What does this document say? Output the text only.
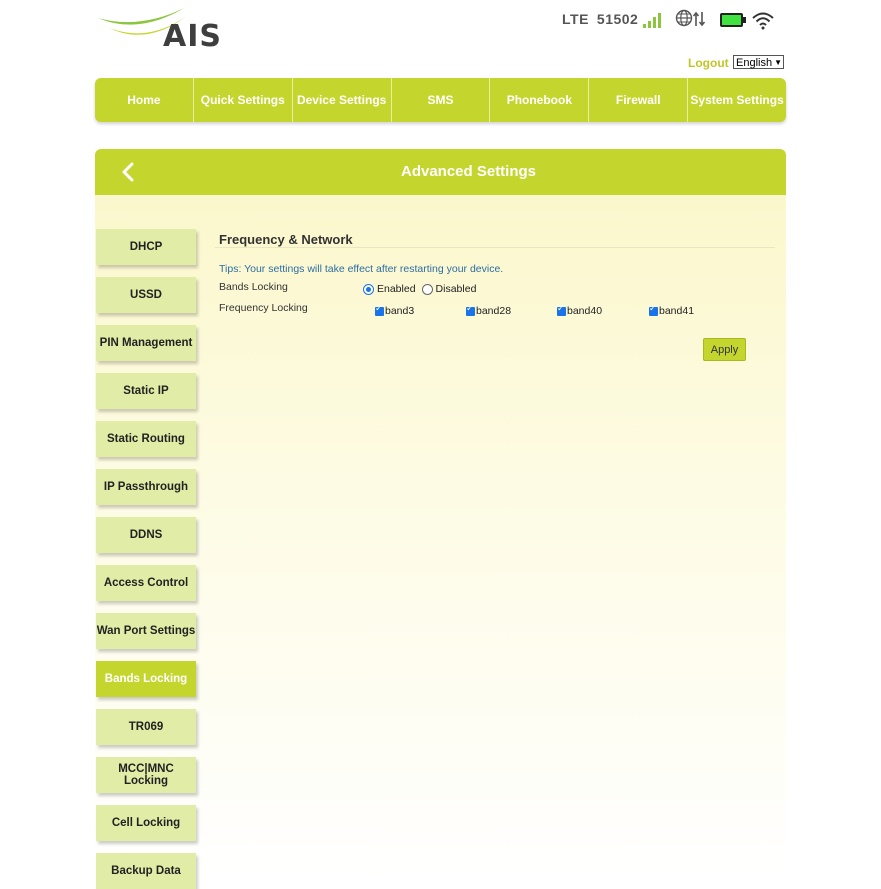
AIS	LTE 51502
Logout English ▼
Home	Quick Settings	Device Settings	SMS	Phonebook	Firewall	System Settings
Advanced Settings
DHCP
USSD
PIN Management
Static IP
Static Routing
IP Passthrough
DDNS
Access Control
Wan Port Settings
Bands Locking
TR069
MCC|MNC Locking
Cell Locking
Backup Data
Frequency & Network
Tips: Your settings will take effect after restarting your device.
Bands Locking	Enabled Disabled
Frequency Locking ✓	band3 ✓	band28 ✓	band40 ✓	band41
Apply
